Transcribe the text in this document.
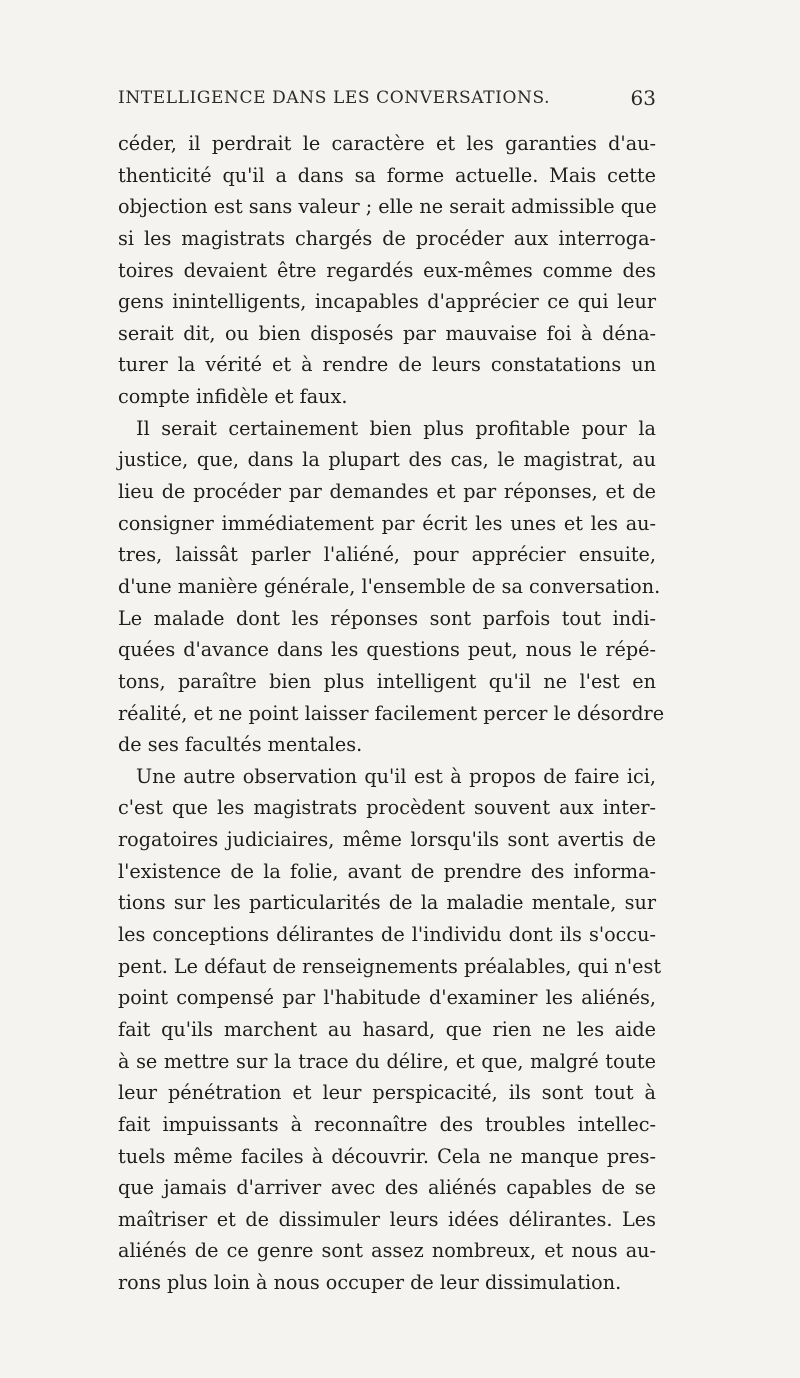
INTELLIGENCE DANS LES CONVERSATIONS.	63
céder, il perdrait le caractère et les garanties d'au-
thenticité qu'il a dans sa forme actuelle. Mais cette
objection est sans valeur ; elle ne serait admissible que
si les magistrats chargés de procéder aux interroga-
toires devaient être regardés eux-mêmes comme des
gens inintelligents, incapables d'apprécier ce qui leur
serait dit, ou bien disposés par mauvaise foi à déna-
turer la vérité et à rendre de leurs constatations un
compte infidèle et faux.
Il serait certainement bien plus profitable pour la
justice, que, dans la plupart des cas, le magistrat, au
lieu de procéder par demandes et par réponses, et de
consigner immédiatement par écrit les unes et les au-
tres, laissât parler l'aliéné, pour apprécier ensuite,
d'une manière générale, l'ensemble de sa conversation.
Le malade dont les réponses sont parfois tout indi-
quées d'avance dans les questions peut, nous le répé-
tons, paraître bien plus intelligent qu'il ne l'est en
réalité, et ne point laisser facilement percer le désordre
de ses facultés mentales.
Une autre observation qu'il est à propos de faire ici,
c'est que les magistrats procèdent souvent aux inter-
rogatoires judiciaires, même lorsqu'ils sont avertis de
l'existence de la folie, avant de prendre des informa-
tions sur les particularités de la maladie mentale, sur
les conceptions délirantes de l'individu dont ils s'occu-
pent. Le défaut de renseignements préalables, qui n'est
point compensé par l'habitude d'examiner les aliénés,
fait qu'ils marchent au hasard, que rien ne les aide
à se mettre sur la trace du délire, et que, malgré toute
leur pénétration et leur perspicacité, ils sont tout à
fait impuissants à reconnaître des troubles intellec-
tuels même faciles à découvrir. Cela ne manque pres-
que jamais d'arriver avec des aliénés capables de se
maîtriser et de dissimuler leurs idées délirantes. Les
aliénés de ce genre sont assez nombreux, et nous au-
rons plus loin à nous occuper de leur dissimulation.
